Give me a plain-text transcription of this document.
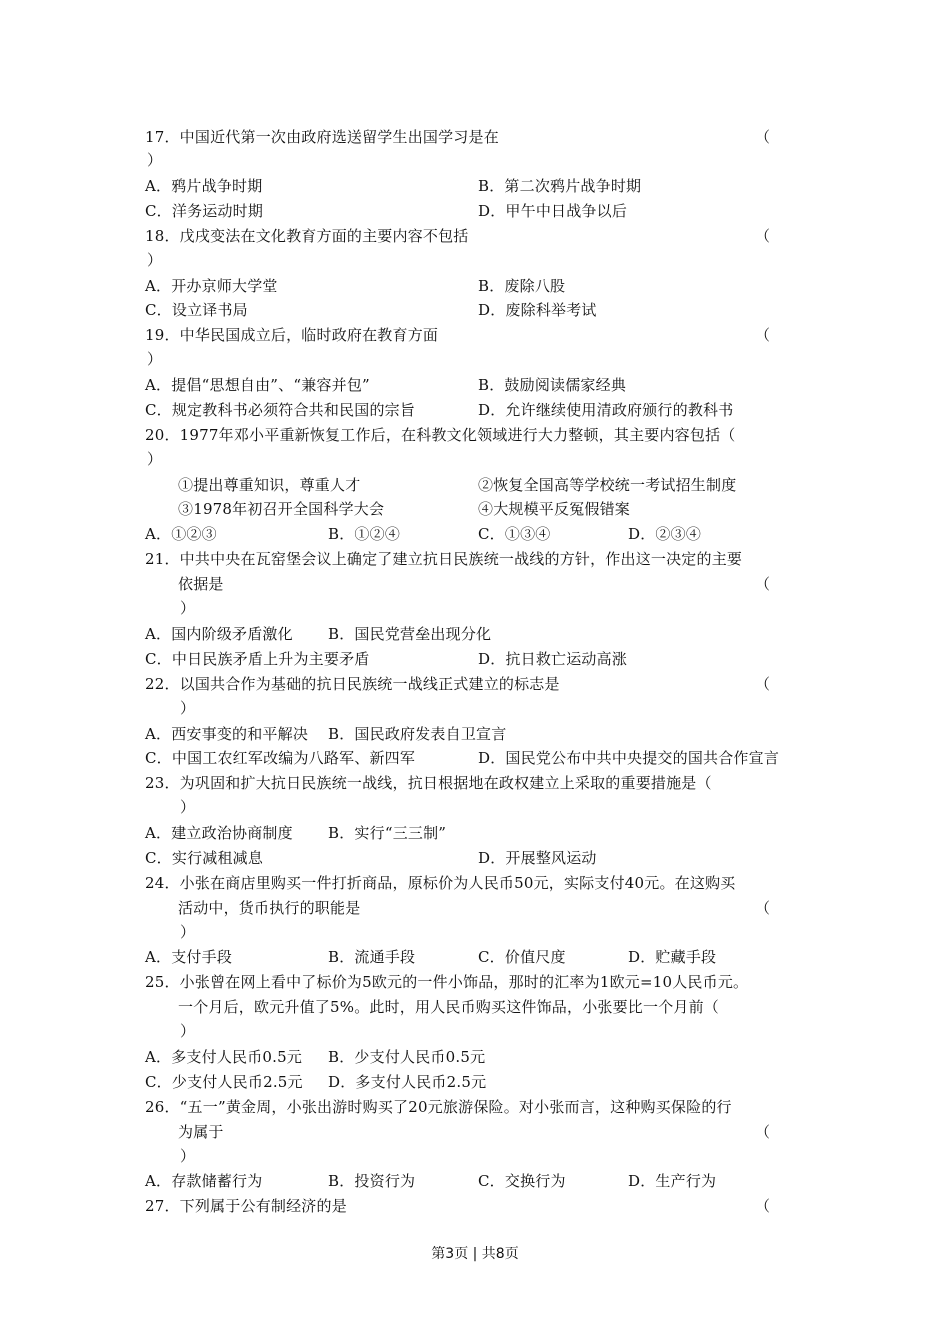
17．中国近代第一次由政府选送留学生出国学习是在	（
）
A．鸦片战争时期	B．第二次鸦片战争时期
C．洋务运动时期	D．甲午中日战争以后
18．戊戌变法在文化教育方面的主要内容不包括	（
）
A．开办京师大学堂	B．废除八股
C．设立译书局	D．废除科举考试
19．中华民国成立后，临时政府在教育方面	（
）
A．提倡“思想自由”、“兼容并包”	B．鼓励阅读儒家经典
C．规定教科书必须符合共和民国的宗旨	D．允许继续使用清政府颁行的教科书
20．1977年邓小平重新恢复工作后，在科教文化领域进行大力整顿，其主要内容包括（
）
①提出尊重知识，尊重人才	②恢复全国高等学校统一考试招生制度
③1978年初召开全国科学大会	④大规模平反冤假错案
A．①②③	B．①②④	C．①③④	D．②③④
21．中共中央在瓦窑堡会议上确定了建立抗日民族统一战线的方针，作出这一决定的主要
依据是	（
）
A．国内阶级矛盾激化 B．国民党营垒出现分化
C．中日民族矛盾上升为主要矛盾	D．抗日救亡运动高涨
22．以国共合作为基础的抗日民族统一战线正式建立的标志是	（
）
A．西安事变的和平解决 B．国民政府发表自卫宣言
C．中国工农红军改编为八路军、新四军	D．国民党公布中共中央提交的国共合作宣言
23．为巩固和扩大抗日民族统一战线，抗日根据地在政权建立上采取的重要措施是（
）
A．建立政治协商制度 B．实行“三三制”
C．实行减租减息	D．开展整风运动
24．小张在商店里购买一件打折商品，原标价为人民币50元，实际支付40元。在这购买
活动中，货币执行的职能是	（
）
A．支付手段	B．流通手段	C．价值尺度	D．贮藏手段
25．小张曾在网上看中了标价为5欧元的一件小饰品，那时的汇率为1欧元=10人民币元。
一个月后，欧元升值了5%。此时，用人民币购买这件饰品，小张要比一个月前（
）
A．多支付人民币0.5元 B．少支付人民币0.5元
C．少支付人民币2.5元 D．多支付人民币2.5元
26．“五一”黄金周，小张出游时购买了20元旅游保险。对小张而言，这种购买保险的行
为属于	（
）
A．存款储蓄行为	B．投资行为	C．交换行为	D．生产行为
27．下列属于公有制经济的是	（
第3页 | 共8页
